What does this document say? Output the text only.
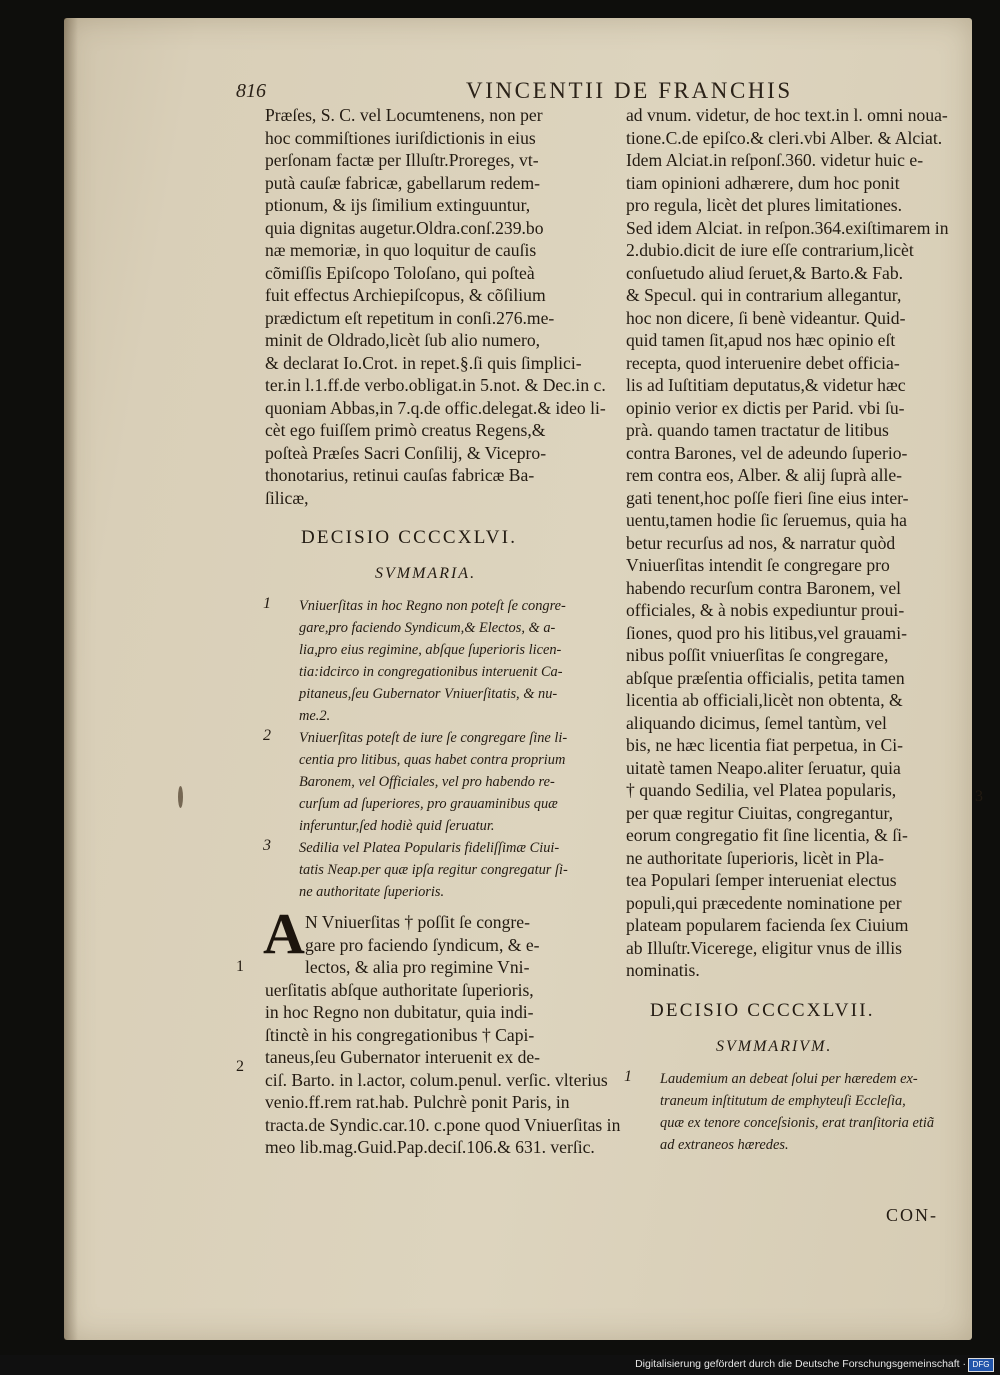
816	VINCENTII DE FRANCHIS
Præſes, S. C. vel Locumtenens, non per
hoc commiſtiones iuriſdictionis in eius
perſonam factæ per Illuſtr.Proreges, vt-
putà cauſæ fabricæ, gabellarum redem-
ptionum, & ijs ſimilium extinguuntur,
quia dignitas augetur.Oldra.conſ.239.bo
næ memoriæ, in quo loquitur de cauſis
cõmiſſis Epiſcopo Toloſano, qui poſteà
fuit effectus Archiepiſcopus, & cõſilium
prædictum eſt repetitum in conſi.276.me-
minit de Oldrado,licèt ſub alio numero,
& declarat Io.Crot. in repet.§.ſi quis ſimplici-
ter.in l.1.ff.de verbo.obligat.in 5.not. & Dec.in c.
quoniam Abbas,in 7.q.de offic.delegat.& ideo li-
cèt ego fuiſſem primò creatus Regens,&
poſteà Præſes Sacri Conſilij, & Vicepro-
thonotarius, retinui cauſas fabricæ Ba-
ſilicæ,
DECISIO CCCCXLVI.
SVMMARIA.
1 Vniuerſitas in hoc Regno non poteſt ſe congre-
gare,pro faciendo Syndicum,& Electos, & a-
lia,pro eius regimine, abſque ſuperioris licen-
tia:idcirco in congregationibus interuenit Ca-
pitaneus,ſeu Gubernator Vniuerſitatis, & nu-
me.2.
2 Vniuerſitas poteſt de iure ſe congregare ſine li-
centia pro litibus, quas habet contra proprium
Baronem, vel Officiales, vel pro habendo re-
curſum ad ſuperiores, pro grauaminibus quæ
inferuntur,ſed hodiè quid ſeruatur.
3 Sedilia vel Platea Popularis fideliſſimæ Ciui-
tatis Neap.per quæ ipſa regitur congregatur ſi-
ne authoritate ſuperioris.
A N Vniuerſitas † poſſit ſe congre-
gare pro faciendo ſyndicum, & e-
lectos, & alia pro regimine Vni-
uerſitatis abſque authoritate ſuperioris,
in hoc Regno non dubitatur, quia indi-
ſtinctè in his congregationibus † Capi-
taneus,ſeu Gubernator interuenit ex de-
ciſ. Barto. in l.actor, colum.penul. verſic. vlterius
venio.ff.rem rat.hab. Pulchrè ponit Paris, in
tracta.de Syndic.car.10. c.pone quod Vniuerſitas in
meo lib.mag.Guid.Pap.deciſ.106.& 631. verſic.
1
2
3
ad vnum. videtur, de hoc text.in l. omni noua-
tione.C.de epiſco.& cleri.vbi Alber. & Alciat.
Idem Alciat.in reſponſ.360. videtur huic e-
tiam opinioni adhærere, dum hoc ponit
pro regula, licèt det plures limitationes.
Sed idem Alciat. in reſpon.364.exiſtimarem in
2.dubio.dicit de iure eſſe contrarium,licèt
conſuetudo aliud ſeruet,& Barto.& Fab.
& Specul. qui in contrarium allegantur,
hoc non dicere, ſi benè videantur. Quid-
quid tamen ſit,apud nos hæc opinio eſt
recepta, quod interuenire debet officia-
lis ad Iuſtitiam deputatus,& videtur hæc
opinio verior ex dictis per Parid. vbi ſu-
prà. quando tamen tractatur de litibus
contra Barones, vel de adeundo ſuperio-
rem contra eos, Alber. & alij ſuprà alle-
gati tenent,hoc poſſe fieri ſine eius inter-
uentu,tamen hodie ſic ſeruemus, quia ha
betur recurſus ad nos, & narratur quòd
Vniuerſitas intendit ſe congregare pro
habendo recurſum contra Baronem, vel
officiales, & à nobis expediuntur proui-
ſiones, quod pro his litibus,vel grauami-
nibus poſſit vniuerſitas ſe congregare,
abſque præſentia officialis, petita tamen
licentia ab officiali,licèt non obtenta, &
aliquando dicimus, ſemel tantùm, vel
bis, ne hæc licentia fiat perpetua, in Ci-
uitatè tamen Neapo.aliter ſeruatur, quia
† quando Sedilia, vel Platea popularis,
per quæ regitur Ciuitas, congregantur,
eorum congregatio fit ſine licentia, & ſi-
ne authoritate ſuperioris, licèt in Pla-
tea Populari ſemper interueniat electus
populi,qui præcedente nominatione per
plateam popularem facienda ſex Ciuium
ab Illuſtr.Vicerege, eligitur vnus de illis
nominatis.
DECISIO CCCCXLVII.
SVMMARIVM.
1 Laudemium an debeat ſolui per hæredem ex-
traneum inſtitutum de emphyteuſi Eccleſia,
quæ ex tenore conceſsionis, erat tranſitoria etiã
ad extraneos hæredes.
CON-
Digitalisierung gefördert durch die Deutsche Forschungsgemeinschaft · DFG
